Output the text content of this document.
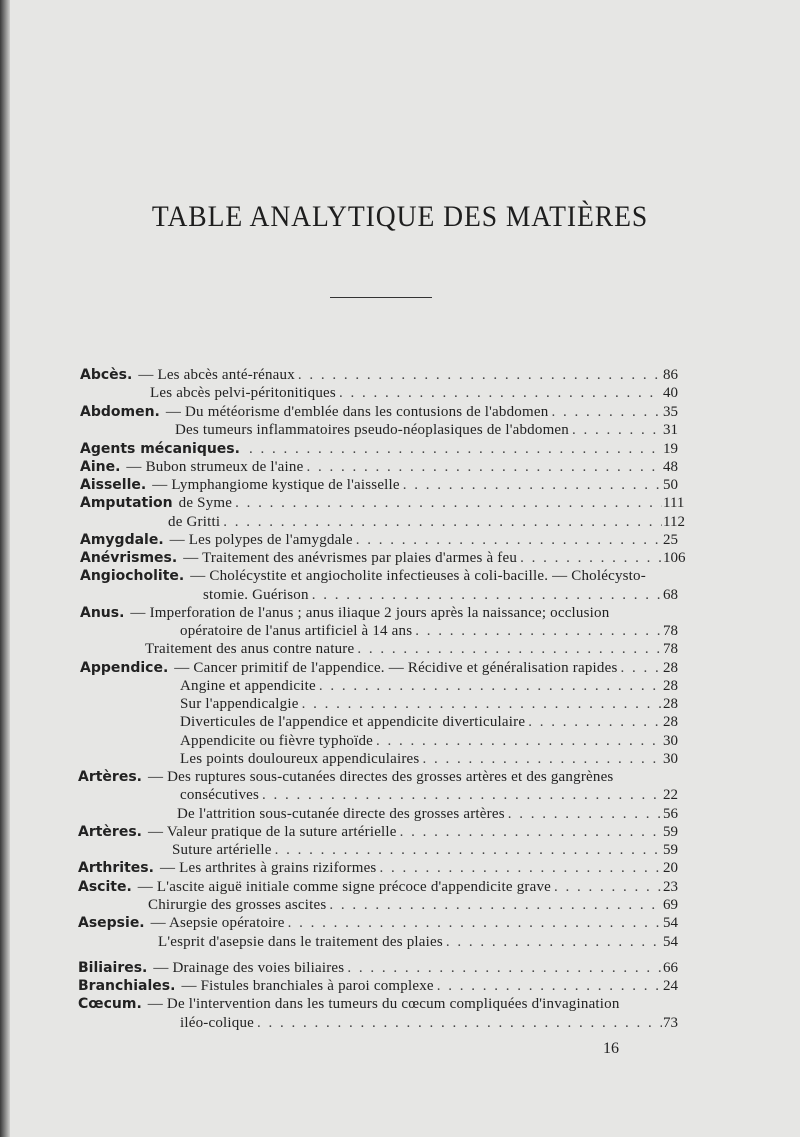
TABLE ANALYTIQUE DES MATIÈRES
Abcès. — Les abcès anté-rénaux . . .	86
Les abcès pelvi-péritonitiques . . .	40
Abdomen. — Du météorisme d'emblée dans les contusions de l'abdomen . . .	35
Des tumeurs inflammatoires pseudo-néoplasiques de l'abdomen . . .	31
Agents mécaniques. . . .	19
Aine. — Bubon strumeux de l'aine . . .	48
Aisselle. — Lymphangiome kystique de l'aisselle . . .	50
Amputation de Syme . . .	111
de Gritti . . .	112
Amygdale. — Les polypes de l'amygdale . . .	25
Anévrismes. — Traitement des anévrismes par plaies d'armes à feu . . .	106
Angiocholite. — Cholécystite et angiocholite infectieuses à coli-bacille. — Cholécysto-
stomie. Guérison . . .	68
Anus. — Imperforation de l'anus ; anus iliaque 2 jours après la naissance; occlusion
opératoire de l'anus artificiel à 14 ans . . .	78
Traitement des anus contre nature . . .	78
Appendice. — Cancer primitif de l'appendice. — Récidive et généralisation rapides . . .	28
Angine et appendicite . . .	28
Sur l'appendicalgie . . .	28
Diverticules de l'appendice et appendicite diverticulaire . . .	28
Appendicite ou fièvre typhoïde . . .	30
Les points douloureux appendiculaires . . .	30
Artères. — Des ruptures sous-cutanées directes des grosses artères et des gangrènes
consécutives . . .	22
De l'attrition sous-cutanée directe des grosses artères . . .	56
Artères. — Valeur pratique de la suture artérielle . . .	59
Suture artérielle . . .	59
Arthrites. — Les arthrites à grains riziformes . . .	20
Ascite. — L'ascite aiguë initiale comme signe précoce d'appendicite grave . . .	23
Chirurgie des grosses ascites . . .	69
Asepsie. — Asepsie opératoire . . .	54
L'esprit d'asepsie dans le traitement des plaies . . .	54
Biliaires. — Drainage des voies biliaires . . .	66
Branchiales. — Fistules branchiales à paroi complexe . . .	24
Cœcum. — De l'intervention dans les tumeurs du cœcum compliquées d'invagination
iléo-colique . . .	73
16
